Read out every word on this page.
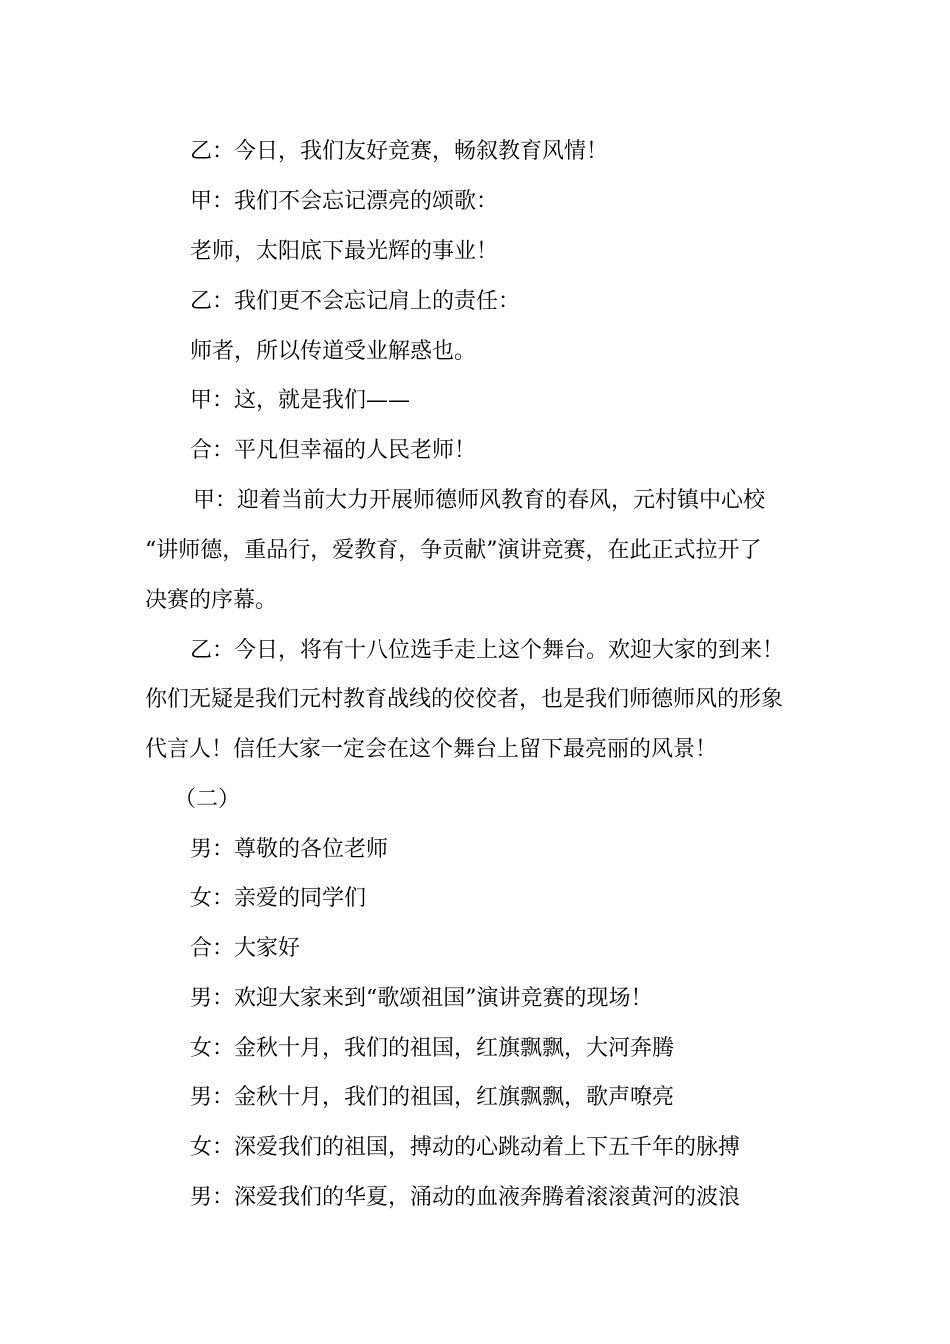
乙：今日，我们友好竞赛，畅叙教育风情！
甲：我们不会忘记漂亮的颂歌：
老师，太阳底下最光辉的事业！
乙：我们更不会忘记肩上的责任：
师者，所以传道受业解惑也。
甲：这，就是我们——
合：平凡但幸福的人民老师！
甲：迎着当前大力开展师德师风教育的春风，元村镇中心校
“讲师德，重品行，爱教育，争贡献”演讲竞赛，在此正式拉开了
决赛的序幕。
乙：今日，将有十八位选手走上这个舞台。欢迎大家的到来！
你们无疑是我们元村教育战线的佼佼者，也是我们师德师风的形象
代言人！信任大家一定会在这个舞台上留下最亮丽的风景！
（二）
男：尊敬的各位老师
女：亲爱的同学们
合：大家好
男：欢迎大家来到“歌颂祖国”演讲竞赛的现场！
女：金秋十月，我们的祖国，红旗飘飘，大河奔腾
男：金秋十月，我们的祖国，红旗飘飘，歌声嘹亮
女：深爱我们的祖国，搏动的心跳动着上下五千年的脉搏
男：深爱我们的华夏，涌动的血液奔腾着滚滚黄河的波浪
